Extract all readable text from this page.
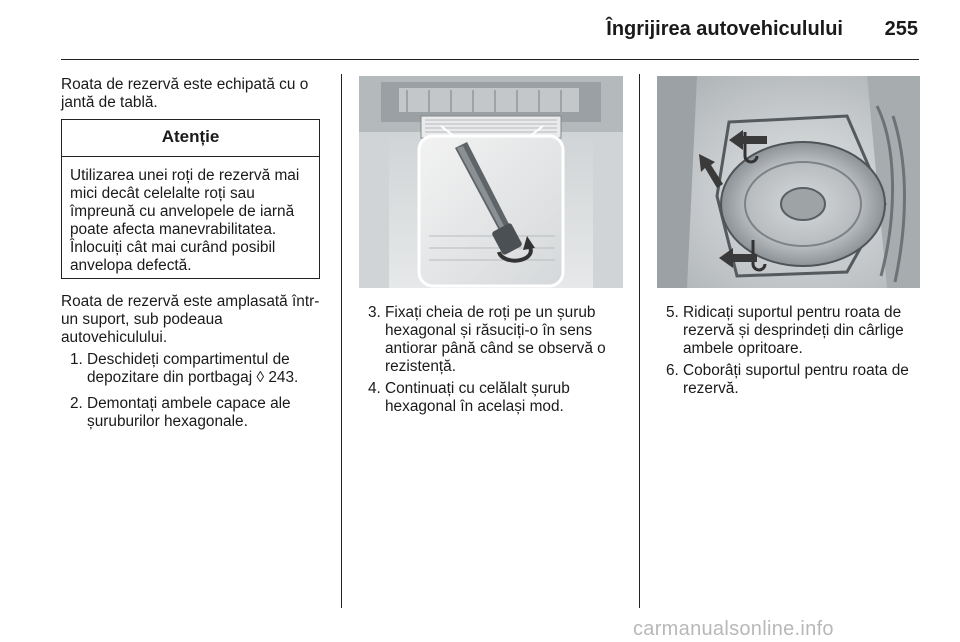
Îngrijirea autovehiculului	255

Roata de rezervă este echipată cu o jantă de tablă.

Atenție
Utilizarea unei roți de rezervă mai
mici decât celelalte roți sau
împreună cu anvelopele de iarnă
poate afecta manevrabilitatea.
Înlocuiți cât mai curând posibil
anvelopa defectă.
Roata de rezervă este amplasată într-
un suport, sub podeaua
autovehiculului.
1. Deschideți compartimentul de
depozitare din portbagaj ◊ 243.
2. Demontați ambele capace ale
șuruburilor hexagonale.
3. Fixați cheia de roți pe un șurub
hexagonal și răsuciți-o în sens
antiorar până când se observă o
rezistență.
4. Continuați cu celălalt șurub
hexagonal în același mod.
5. Ridicați suportul pentru roata de
rezervă și desprindeți din cârlige
ambele opritoare.
6. Coborâți suportul pentru roata de
rezervă.
carmanualsonline.info
